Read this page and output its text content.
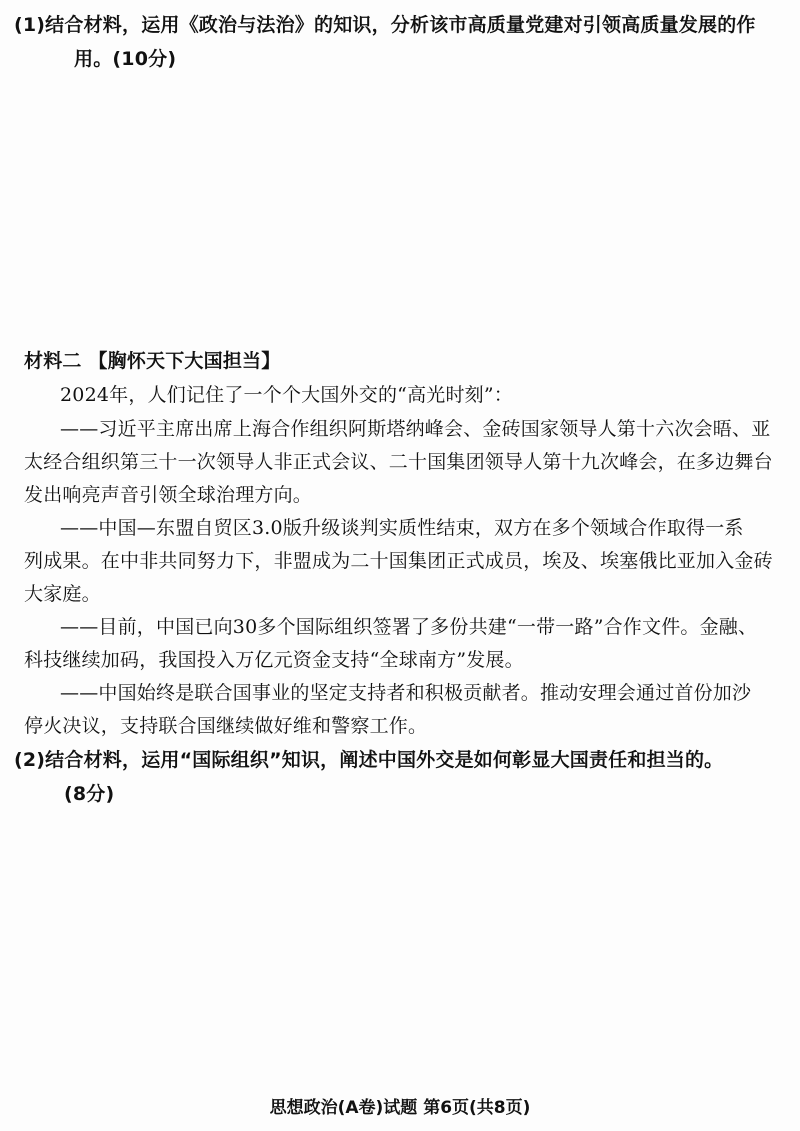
(1)结合材料，运用《政治与法治》的知识，分析该市高质量党建对引领高质量发展的作
用。(10分)
材料二 【胸怀天下大国担当】
2024年，人们记住了一个个大国外交的“高光时刻”：
——习近平主席出席上海合作组织阿斯塔纳峰会、金砖国家领导人第十六次会晤、亚
太经合组织第三十一次领导人非正式会议、二十国集团领导人第十九次峰会，在多边舞台
发出响亮声音引领全球治理方向。
——中国—东盟自贸区3.0版升级谈判实质性结束，双方在多个领域合作取得一系
列成果。在中非共同努力下，非盟成为二十国集团正式成员，埃及、埃塞俄比亚加入金砖
大家庭。
——目前，中国已向30多个国际组织签署了多份共建“一带一路”合作文件。金融、
科技继续加码，我国投入万亿元资金支持“全球南方”发展。
——中国始终是联合国事业的坚定支持者和积极贡献者。推动安理会通过首份加沙
停火决议，支持联合国继续做好维和警察工作。
(2)结合材料，运用“国际组织”知识，阐述中国外交是如何彰显大国责任和担当的。
(8分)
思想政治(A卷)试题 第6页(共8页)
